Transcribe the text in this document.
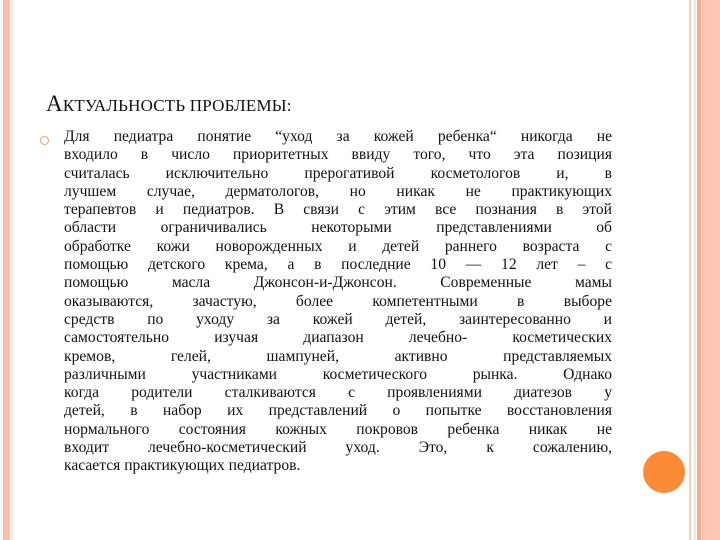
АКТУАЛЬНОСТЬ ПРОБЛЕМЫ:
Для педиатра понятие “уход за кожей ребенка“ никогда не
входило в число приоритетных ввиду того, что эта позиция
считалась исключительно прерогативой косметологов и, в
лучшем случае, дерматологов, но никак не практикующих
терапевтов и педиатров. В связи с этим все познания в этой
области ограничивались некоторыми представлениями об
обработке кожи новорожденных и детей раннего возраста с
помощью детского крема, а в последние 10 — 12 лет – с
помощью масла Джонсон-и-Джонсон. Современные мамы
оказываются, зачастую, более компетентными в выборе
средств по уходу за кожей детей, заинтересованно и
самостоятельно изучая диапазон лечебно- косметических
кремов, гелей, шампуней, активно представляемых
различными участниками косметического рынка. Однако
когда родители сталкиваются с проявлениями диатезов у
детей, в набор их представлений о попытке восстановления
нормального состояния кожных покровов ребенка никак не
входит лечебно-косметический уход. Это, к сожалению,
касается практикующих педиатров.
